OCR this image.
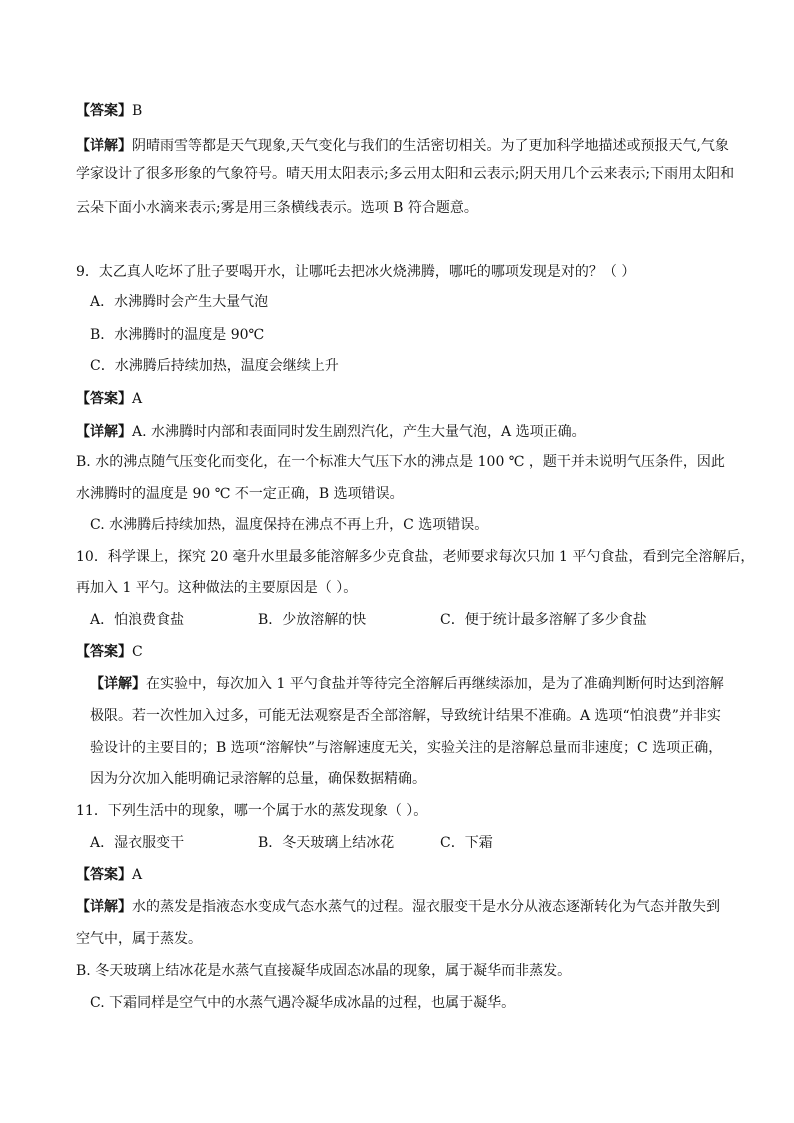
【答案】B
【详解】阴晴雨雪等都是天气现象,天气变化与我们的生活密切相关。为了更加科学地描述或预报天气,气象
学家设计了很多形象的气象符号。晴天用太阳表示;多云用太阳和云表示;阴天用几个云来表示;下雨用太阳和
云朵下面小水滴来表示;雾是用三条横线表示。选项 B 符合题意。
9．太乙真人吃坏了肚子要喝开水，让哪吒去把冰火烧沸腾，哪吒的哪项发现是对的？（ ）
A．水沸腾时会产生大量气泡
B．水沸腾时的温度是 90℃
C．水沸腾后持续加热，温度会继续上升
【答案】A
【详解】A. 水沸腾时内部和表面同时发生剧烈汽化，产生大量气泡，A 选项正确。
B. 水的沸点随气压变化而变化，在一个标准大气压下水的沸点是 100 ℃ ，题干并未说明气压条件，因此
水沸腾时的温度是 90 ℃ 不一定正确，B 选项错误。
C. 水沸腾后持续加热，温度保持在沸点不再上升，C 选项错误。
10．科学课上，探究 20 毫升水里最多能溶解多少克食盐，老师要求每次只加 1 平勺食盐，看到完全溶解后，
再加入 1 平勺。这种做法的主要原因是（ ）。
A．怕浪费食盐	B．少放溶解的快	C．便于统计最多溶解了多少食盐
【答案】C
【详解】在实验中，每次加入 1 平勺食盐并等待完全溶解后再继续添加，是为了准确判断何时达到溶解
极限。若一次性加入过多，可能无法观察是否全部溶解，导致统计结果不准确。A 选项“怕浪费”并非实
验设计的主要目的；B 选项“溶解快”与溶解速度无关，实验关注的是溶解总量而非速度；C 选项正确，
因为分次加入能明确记录溶解的总量，确保数据精确。
11．下列生活中的现象，哪一个属于水的蒸发现象（ ）。
A．湿衣服变干	B．冬天玻璃上结冰花	C．下霜
【答案】A
【详解】水的蒸发是指液态水变成气态水蒸气的过程。湿衣服变干是水分从液态逐渐转化为气态并散失到
空气中，属于蒸发。
B. 冬天玻璃上结冰花是水蒸气直接凝华成固态冰晶的现象，属于凝华而非蒸发。
C. 下霜同样是空气中的水蒸气遇冷凝华成冰晶的过程，也属于凝华。
